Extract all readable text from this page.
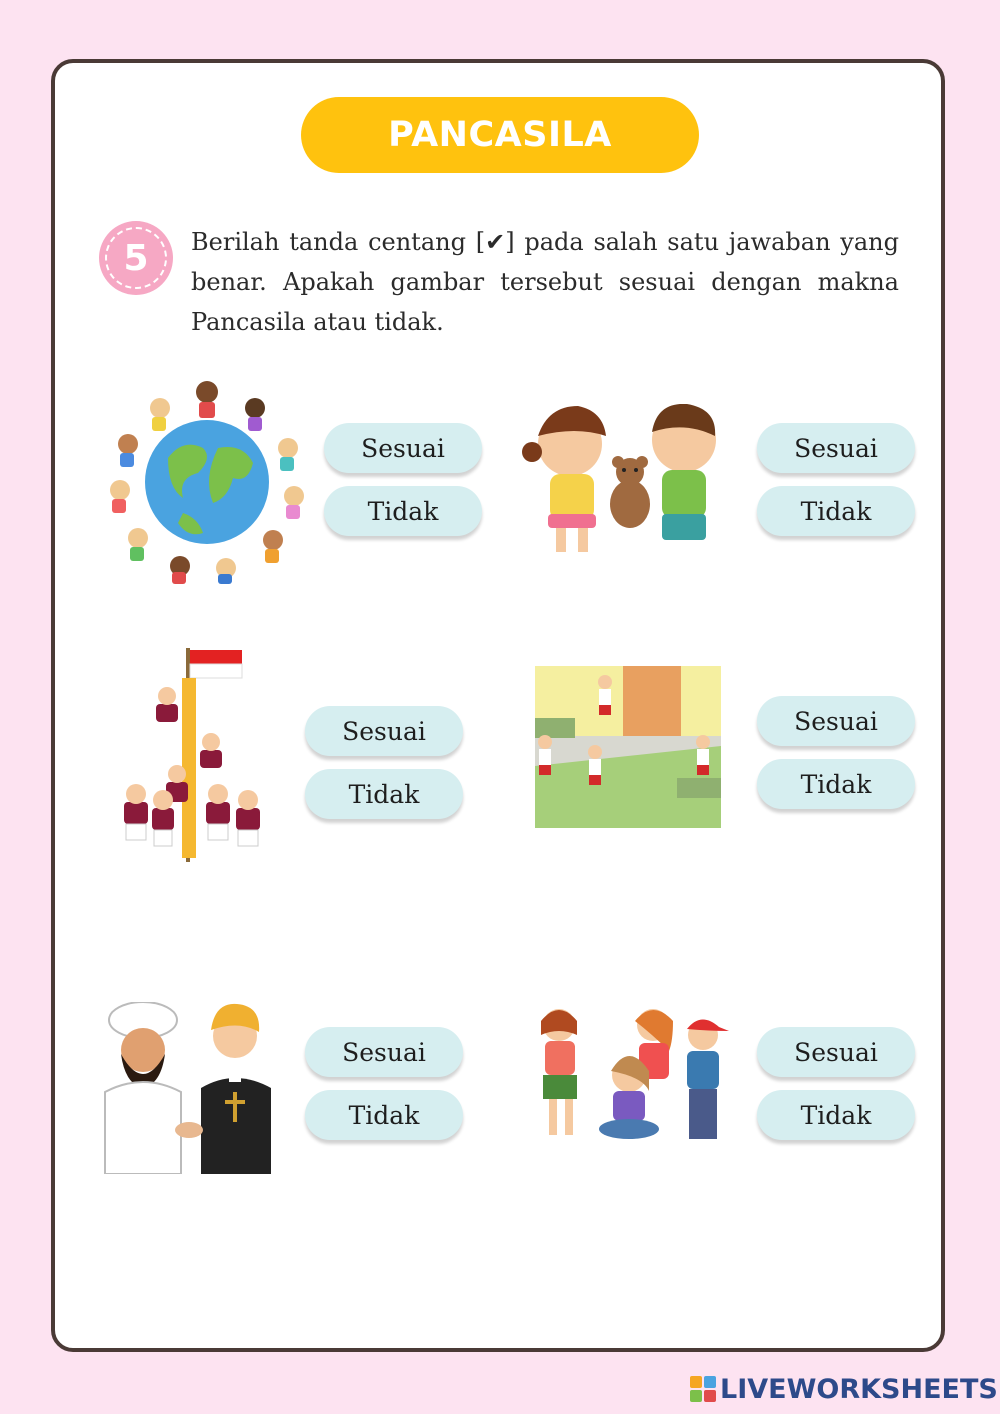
PANCASILA
5	Berilah tanda centang [✔] pada salah satu jawaban yang benar. Apakah gambar tersebut sesuai dengan makna Pancasila atau tidak.
Sesuai
Tidak
Sesuai
Tidak
Sesuai
Tidak
Sesuai
Tidak
Sesuai
Tidak
Sesuai
Tidak
LIVEWORKSHEETS
